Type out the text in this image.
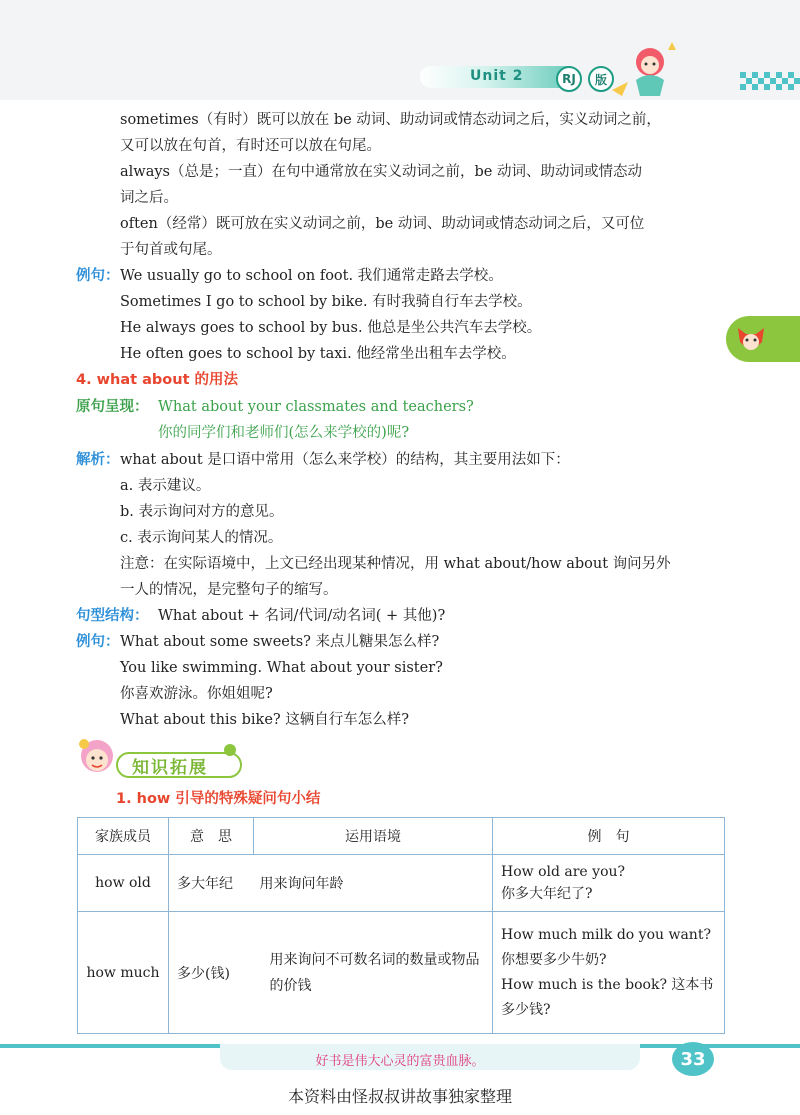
Unit 2	RJ	版
sometimes（有时）既可以放在 be 动词、助动词或情态动词之后，实义动词之前，
又可以放在句首，有时还可以放在句尾。
always（总是；一直）在句中通常放在实义动词之前，be 动词、助动词或情态动
词之后。
often（经常）既可放在实义动词之前，be 动词、助动词或情态动词之后，又可位
于句首或句尾。
例句： We usually go to school on foot. 我们通常走路去学校。
Sometimes I go to school by bike. 有时我骑自行车去学校。
He always goes to school by bus. 他总是坐公共汽车去学校。
He often goes to school by taxi. 他经常坐出租车去学校。
4. what about 的用法
原句呈现： What about your classmates and teachers?
你的同学们和老师们(怎么来学校的)呢?
解析： what about 是口语中常用（怎么来学校）的结构，其主要用法如下：
a. 表示建议。
b. 表示询问对方的意见。
c. 表示询问某人的情况。
注意：在实际语境中，上文已经出现某种情况，用 what about/how about 询问另外
一人的情况，是完整句子的缩写。
句型结构： What about + 名词/代词/动名词( + 其他)?
例句： What about some sweets? 来点儿糖果怎么样?
You like swimming. What about your sister?
你喜欢游泳。你姐姐呢?
What about this bike? 这辆自行车怎么样?
知识拓展
1. how 引导的特殊疑问句小结
家族成员	意　思	运用语境	例　句
how old	多大年纪	用来询问年龄	How old are you?
你多大年纪了?

how much	多少(钱)	用来询问不可数名词的数量或物品的价钱	How much milk do you want?
你想要多少牛奶?
How much is the book? 这本书多少钱?
好书是伟大心灵的富贵血脉。	33
本资料由怪叔叔讲故事独家整理
